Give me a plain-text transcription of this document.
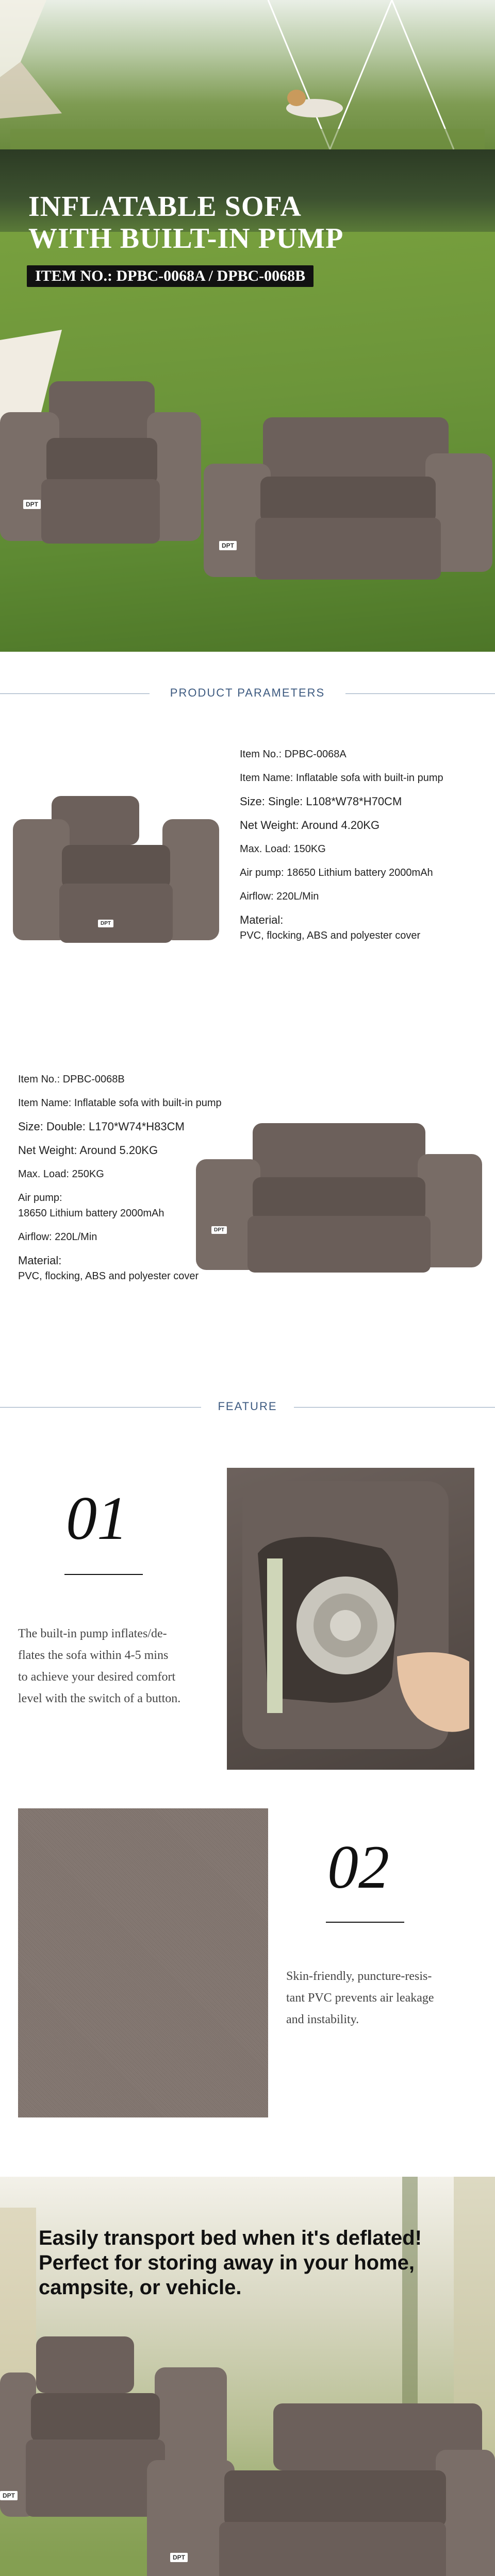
INFLATABLE SOFA
WITH BUILT-IN PUMP
ITEM NO.: DPBC-0068A / DPBC-0068B
DPT
DPT
PRODUCT PARAMETERS
DPT
Item No.: DPBC-0068A
Item Name: Inflatable sofa with built-in pump
Size: Single: L108*W78*H70CM
Net Weight: Around 4.20KG
Max. Load: 150KG
Air pump: 18650 Lithium battery 2000mAh
Airflow: 220L/Min
Material:
PVC, flocking, ABS and polyester cover
Item No.: DPBC-0068B
Item Name: Inflatable sofa with built-in pump
Size: Double: L170*W74*H83CM
Net Weight: Around 5.20KG
Max. Load: 250KG
Air pump:
18650 Lithium battery 2000mAh
Airflow: 220L/Min
Material:
PVC, flocking, ABS and polyester cover
DPT
FEATURE
01
The built-in pump inflates/de-
flates the sofa within 4-5 mins
to achieve your desired comfort
level with the switch of a button.
02
Skin-friendly, puncture-resis-
tant PVC prevents air leakage
and instability.
DPT
DPT
Easily transport bed when it's deflated!
Perfect for storing away in your home,
campsite, or vehicle.
